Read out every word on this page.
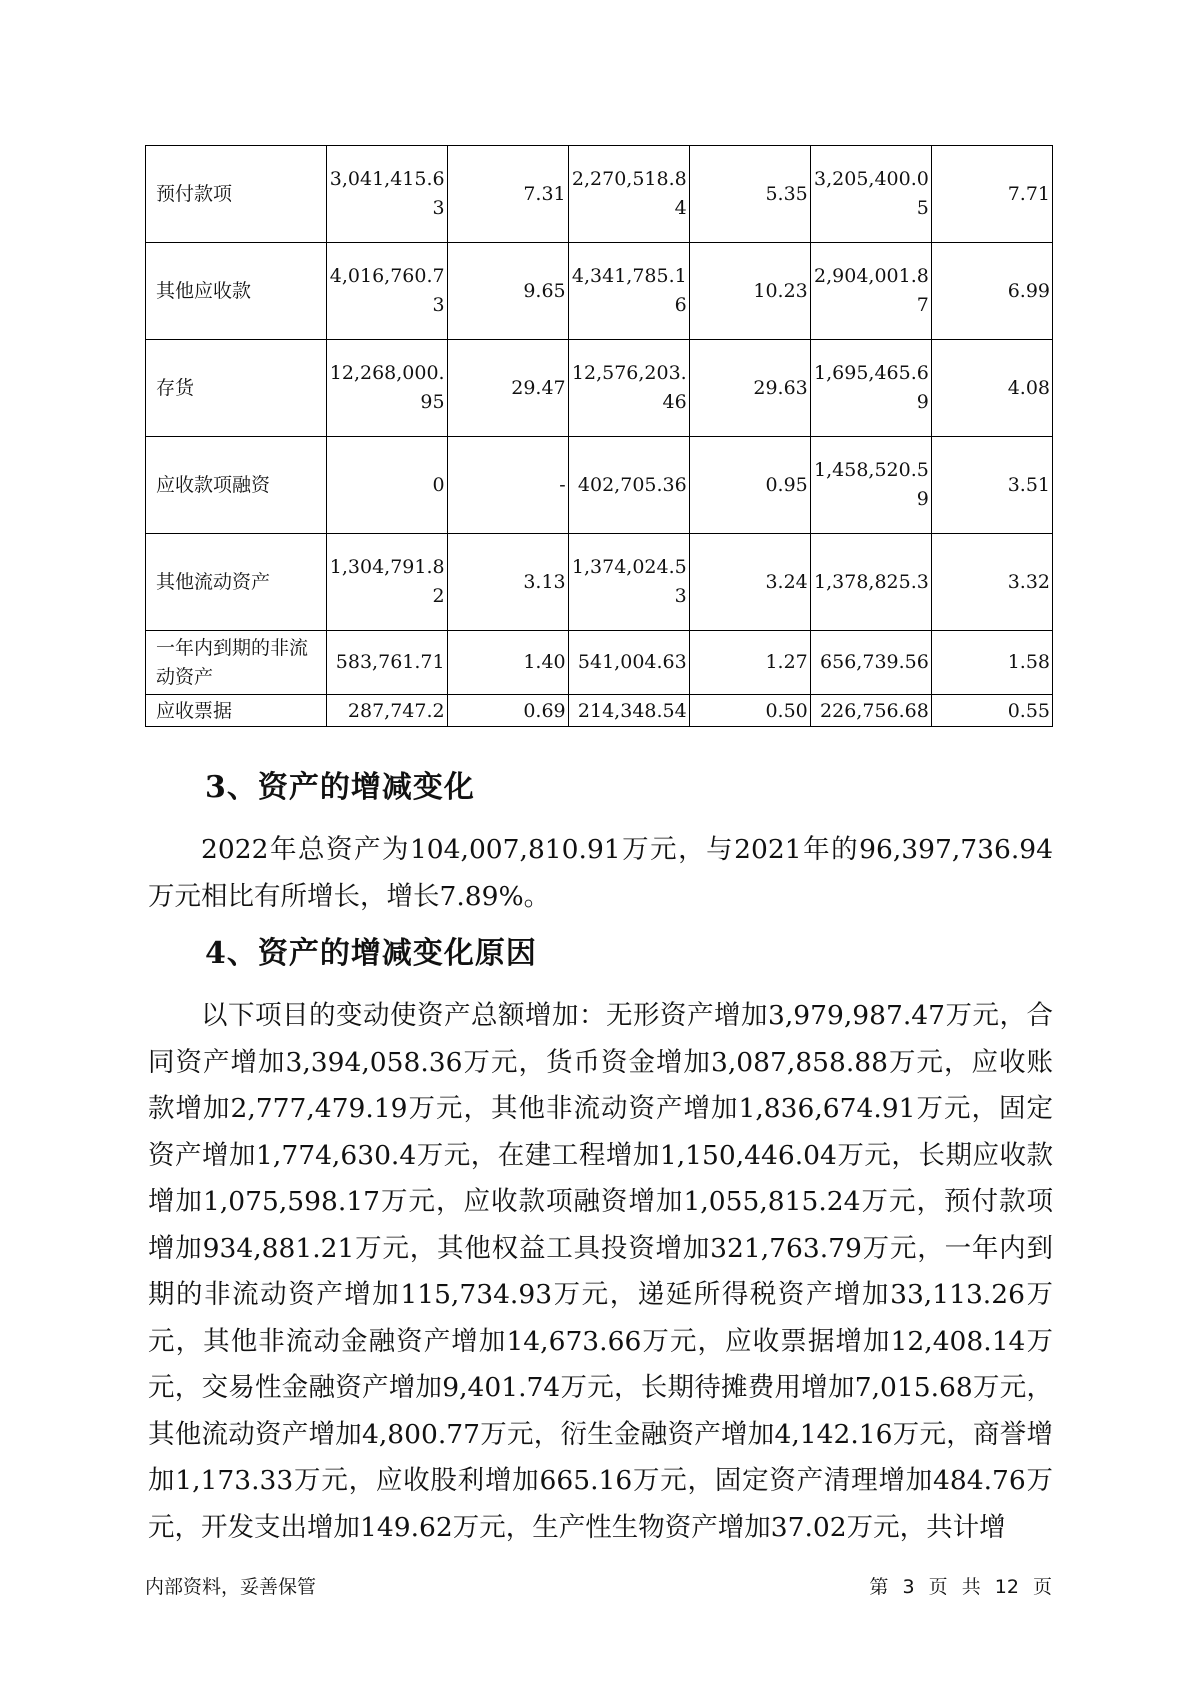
预付款项	3,041,415.63	7.31	2,270,518.84	5.35	3,205,400.05	7.71
其他应收款	4,016,760.73	9.65	4,341,785.16	10.23	2,904,001.87	6.99
存货	12,268,000.95	29.47	12,576,203.46	29.63	1,695,465.69	4.08
应收款项融资	0	-	402,705.36	0.95	1,458,520.59	3.51
其他流动资产	1,304,791.82	3.13	1,374,024.53	3.24	1,378,825.3	3.32
一年内到期的非流动资产	583,761.71	1.40	541,004.63	1.27	656,739.56	1.58
应收票据	287,747.2	0.69	214,348.54	0.50	226,756.68	0.55
3、资产的增减变化

2022年总资产为104,007,810.91万元，与2021年的96,397,736.94万元相比有所增长，增长7.89%。

4、资产的增减变化原因

以下项目的变动使资产总额增加：无形资产增加3,979,987.47万元，合同资产增加3,394,058.36万元，货币资金增加3,087,858.88万元，应收账款增加2,777,479.19万元，其他非流动资产增加1,836,674.91万元，固定资产增加1,774,630.4万元，在建工程增加1,150,446.04万元，长期应收款增加1,075,598.17万元，应收款项融资增加1,055,815.24万元，预付款项增加934,881.21万元，其他权益工具投资增加321,763.79万元，一年内到期的非流动资产增加115,734.93万元，递延所得税资产增加33,113.26万元，其他非流动金融资产增加14,673.66万元，应收票据增加12,408.14万元，交易性金融资产增加9,401.74万元，长期待摊费用增加7,015.68万元，其他流动资产增加4,800.77万元，衍生金融资产增加4,142.16万元，商誉增加1,173.33万元，应收股利增加665.16万元，固定资产清理增加484.76万元，开发支出增加149.62万元，生产性生物资产增加37.02万元，共计增

内部资料，妥善保管	第 3 页 共 12 页
